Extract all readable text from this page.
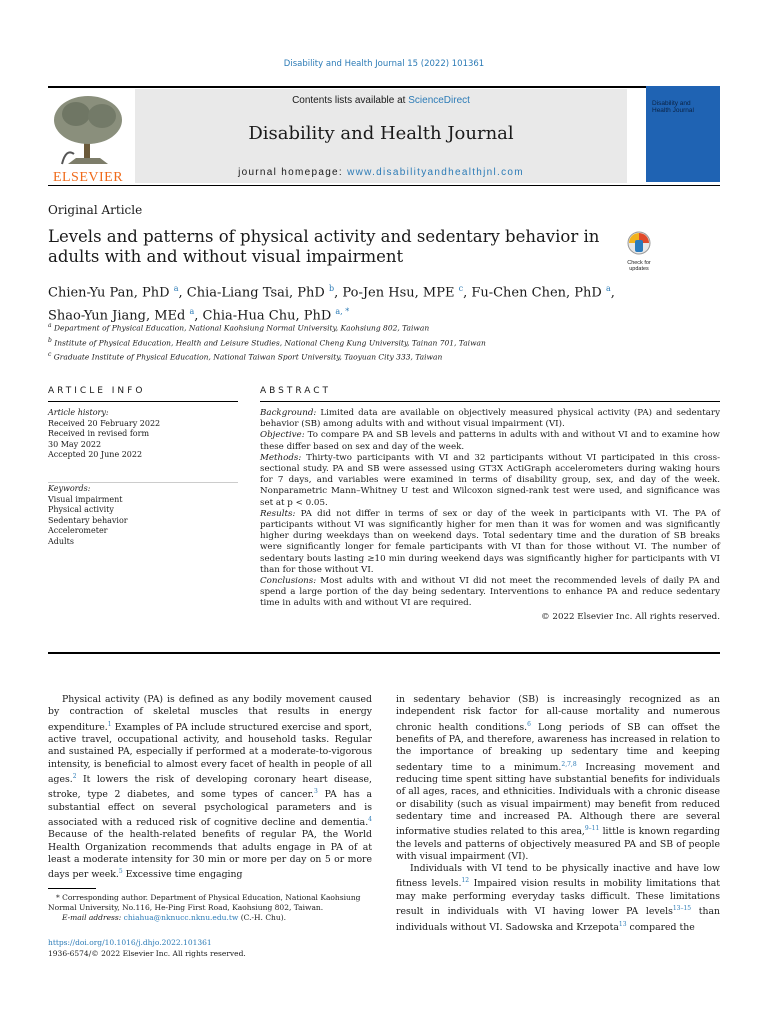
Disability and Health Journal 15 (2022) 101361
ELSEVIER
Contents lists available at ScienceDirect
Disability and Health Journal
journal homepage: www.disabilityandhealthjnl.com
Disability and Health Journal
Original Article
Levels and patterns of physical activity and sedentary behavior in adults with and without visual impairment	Check for updates
Chien-Yu Pan, PhD $^a$, Chia-Liang Tsai, PhD $^b$, Po-Jen Hsu, MPE $^c$, Fu-Chen Chen, PhD $^a$, Shao-Yun Jiang, MEd $^a$, Chia-Hua Chu, PhD $^{a, *}$
$^a$ Department of Physical Education, National Kaohsiung Normal University, Kaohsiung 802, Taiwan
$^b$ Institute of Physical Education, Health and Leisure Studies, National Cheng Kung University, Tainan 701, Taiwan
$^c$ Graduate Institute of Physical Education, National Taiwan Sport University, Taoyuan City 333, Taiwan
ARTICLE INFO	ABSTRACT
Article history:
Received 20 February 2022
Received in revised form
30 May 2022
Accepted 20 June 2022
Keywords:
Visual impairment
Physical activity
Sedentary behavior
Accelerometer
Adults

Background: Limited data are available on objectively measured physical activity (PA) and sedentary behavior (SB) among adults with and without visual impairment (VI).

Objective: To compare PA and SB levels and patterns in adults with and without VI and to examine how these differ based on sex and day of the week.

Methods: Thirty-two participants with VI and 32 participants without VI participated in this cross-sectional study. PA and SB were assessed using GT3X ActiGraph accelerometers during waking hours for 7 days, and variables were examined in terms of disability group, sex, and day of the week. Nonparametric Mann–Whitney U test and Wilcoxon signed-rank test were used, and significance was set at p < 0.05.

Results: PA did not differ in terms of sex or day of the week in participants with VI. The PA of participants without VI was significantly higher for men than it was for women and was significantly higher during weekdays than on weekend days. Total sedentary time and the duration of SB breaks were significantly longer for female participants with VI than for those without VI. The number of sedentary bouts lasting ≥10 min during weekend days was significantly higher for participants with VI than for those without VI.

Conclusions: Most adults with and without VI did not meet the recommended levels of daily PA and spend a large portion of the day being sedentary. Interventions to enhance PA and reduce sedentary time in adults with and without VI are required.

© 2022 Elsevier Inc. All rights reserved.

Physical activity (PA) is defined as any bodily movement caused by contraction of skeletal muscles that results in energy expenditure.$^1$ Examples of PA include structured exercise and sport, active travel, occupational activity, and household tasks. Regular and sustained PA, especially if performed at a moderate-to-vigorous intensity, is beneficial to almost every facet of health in people of all ages.$^2$ It lowers the risk of developing coronary heart disease, stroke, type 2 diabetes, and some types of cancer.$^3$ PA has a substantial effect on several psychological parameters and is associated with a reduced risk of cognitive decline and dementia.$^4$ Because of the health-related benefits of regular PA, the World Health Organization recommends that adults engage in PA of at least a moderate intensity for 30 min or more per day on 5 or more days per week.$^5$ Excessive time engaging

in sedentary behavior (SB) is increasingly recognized as an independent risk factor for all-cause mortality and numerous chronic health conditions.$^6$ Long periods of SB can offset the benefits of PA, and therefore, awareness has increased in relation to the importance of breaking up sedentary time and keeping sedentary time to a minimum.$^{2,7,8}$ Increasing movement and reducing time spent sitting have substantial benefits for individuals of all ages, races, and ethnicities. Individuals with a chronic disease or disability (such as visual impairment) may benefit from reduced sedentary time and increased PA. Although there are several informative studies related to this area,$^{9-11}$ little is known regarding the levels and patterns of objectively measured PA and SB of people with visual impairment (VI).

Individuals with VI tend to be physically inactive and have low fitness levels.$^{12}$ Impaired vision results in mobility limitations that may make performing everyday tasks difficult. These limitations result in individuals with VI having lower PA levels$^{13-15}$ than individuals without VI. Sadowska and Krzepota$^{13}$ compared the

* Corresponding author. Department of Physical Education, National Kaohsiung Normal University, No.116, He-Ping First Road, Kaohsiung 802, Taiwan.
E-mail address: chiahua@nknucc.nknu.edu.tw (C.-H. Chu).
https://doi.org/10.1016/j.dhjo.2022.101361
1936-6574/© 2022 Elsevier Inc. All rights reserved.
